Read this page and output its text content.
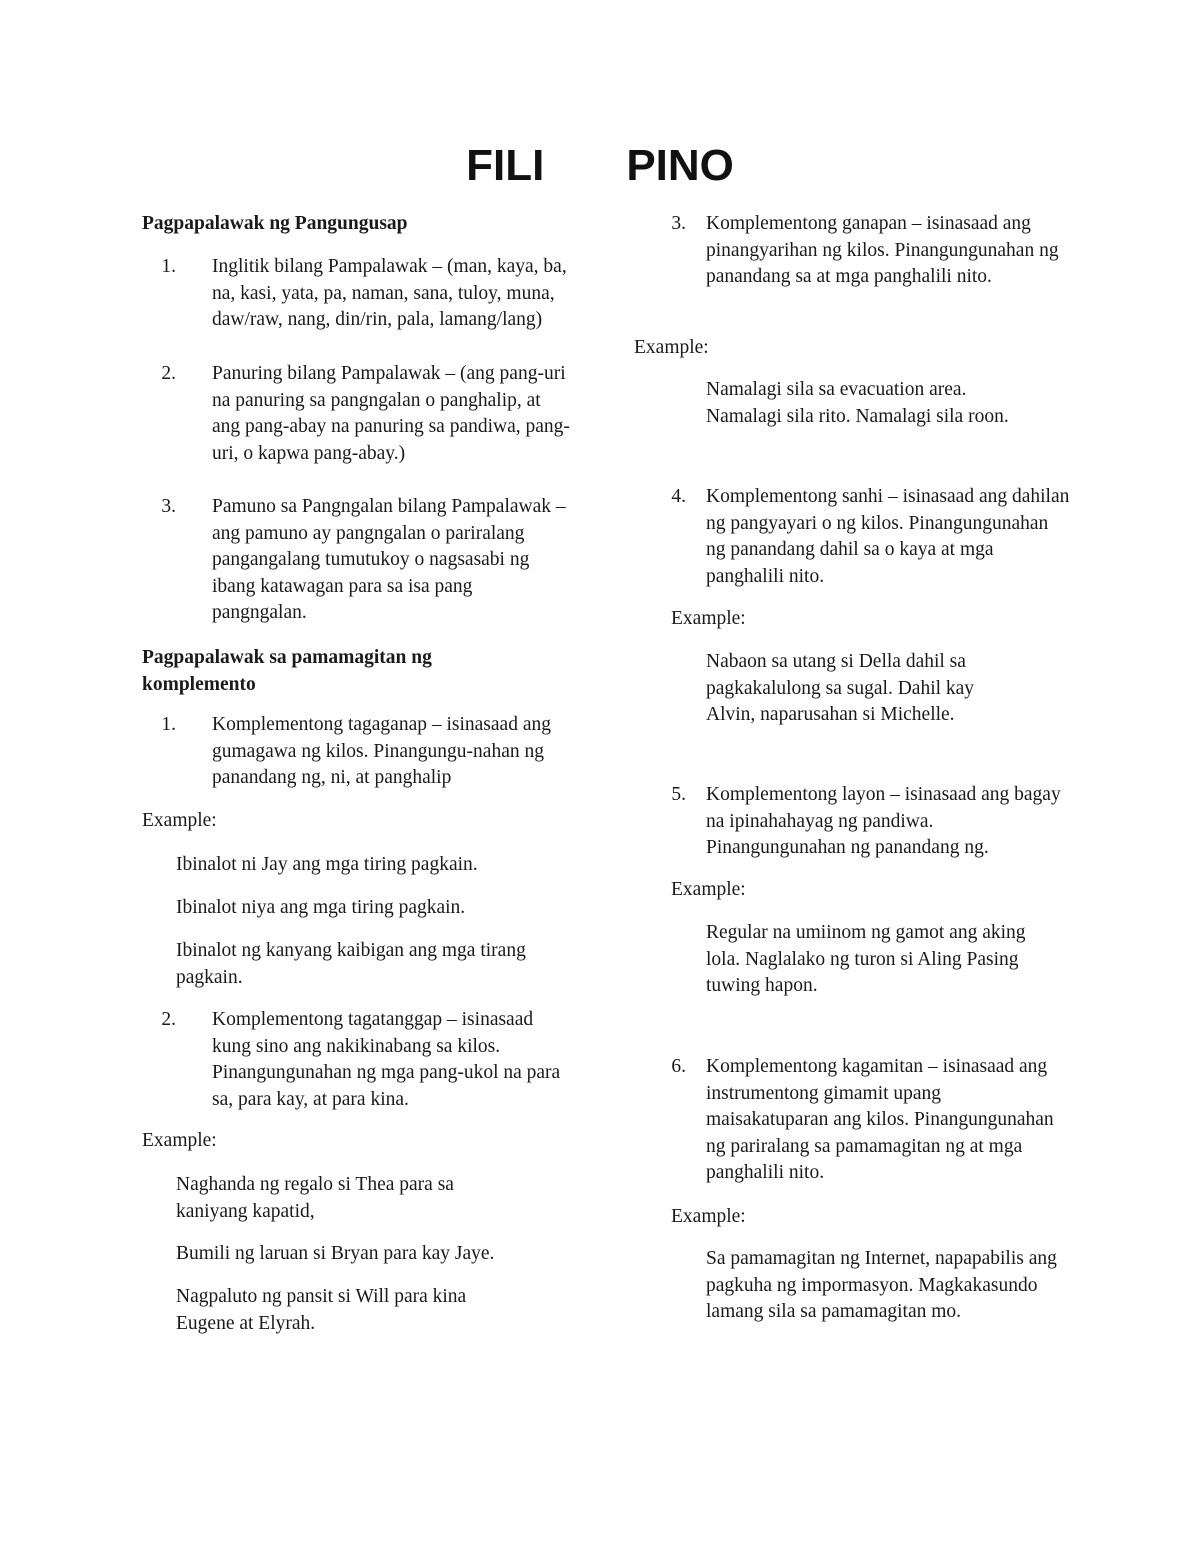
FILI PINO
Pagpapalawak ng Pangungusap
1. Inglitik bilang Pampalawak – (man, kaya, ba, na, kasi, yata, pa, naman, sana, tuloy, muna, daw/raw, nang, din/rin, pala, lamang/lang)
2. Panuring bilang Pampalawak – (ang pang-uri na panuring sa pangngalan o panghalip, at ang pang-abay na panuring sa pandiwa, pang-uri, o kapwa pang-abay.)
3. Pamuno sa Pangngalan bilang Pampalawak – ang pamuno ay pangngalan o pariralang pangangalang tumutukoy o nagsasabi ng ibang katawagan para sa isa pang pangngalan.
Pagpapalawak sa pamamagitan ng komplemento
1. Komplementong tagaganap – isinasaad ang gumagawa ng kilos. Pinangungu-nahan ng panandang ng, ni, at panghalip
Example:
Ibinalot ni Jay ang mga tiring pagkain.
Ibinalot niya ang mga tiring pagkain.
Ibinalot ng kanyang kaibigan ang mga tirang pagkain.
2. Komplementong tagatanggap – isinasaad kung sino ang nakikinabang sa kilos. Pinangungunahan ng mga pang-ukol na para sa, para kay, at para kina.
Example:
Naghanda ng regalo si Thea para sa kaniyang kapatid,
Bumili ng laruan si Bryan para kay Jaye.
Nagpaluto ng pansit si Will para kina Eugene at Elyrah.
3. Komplementong ganapan – isinasaad ang pinangyarihan ng kilos. Pinangungunahan ng panandang sa at mga panghalili nito.
Example:
Namalagi sila sa evacuation area. Namalagi sila rito. Namalagi sila roon.
4. Komplementong sanhi – isinasaad ang dahilan ng pangyayari o ng kilos. Pinangungunahan ng panandang dahil sa o kaya at mga panghalili nito.
Example:
Nabaon sa utang si Della dahil sa pagkakalulong sa sugal. Dahil kay Alvin, naparusahan si Michelle.
5. Komplementong layon – isinasaad ang bagay na ipinahahayag ng pandiwa. Pinangungunahan ng panandang ng.
Example:
Regular na umiinom ng gamot ang aking lola. Naglalako ng turon si Aling Pasing tuwing hapon.
6. Komplementong kagamitan – isinasaad ang instrumentong gimamit upang maisakatuparan ang kilos. Pinangungunahan ng pariralang sa pamamagitan ng at mga panghalili nito.
Example:
Sa pamamagitan ng Internet, napapabilis ang pagkuha ng impormasyon. Magkakasundo lamang sila sa pamamagitan mo.
